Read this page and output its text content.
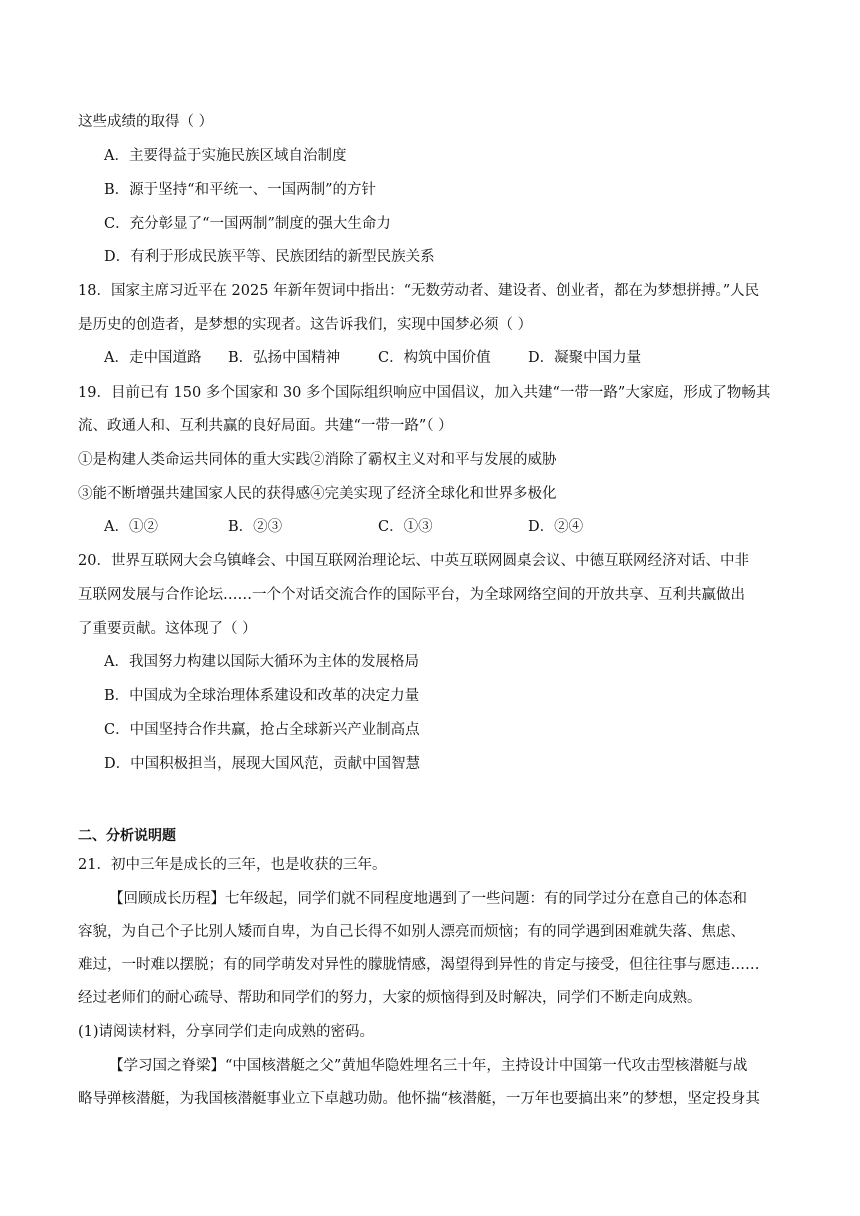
这些成绩的取得（ ）
A．主要得益于实施民族区域自治制度
B．源于坚持“和平统一、一国两制”的方针
C．充分彰显了“一国两制”制度的强大生命力
D．有利于形成民族平等、民族团结的新型民族关系
18．国家主席习近平在 2025 年新年贺词中指出：“无数劳动者、建设者、创业者，都在为梦想拼搏。”人民
是历史的创造者，是梦想的实现者。这告诉我们，实现中国梦必须（ ）
A．走中国道路 B．弘扬中国精神	C．构筑中国价值	D．凝聚中国力量
19．目前已有 150 多个国家和 30 多个国际组织响应中国倡议，加入共建“一带一路”大家庭，形成了物畅其
流、政通人和、互利共赢的良好局面。共建“一带一路”（ ）
①是构建人类命运共同体的重大实践②消除了霸权主义对和平与发展的威胁
③能不断增强共建国家人民的获得感④完美实现了经济全球化和世界多极化
A．①②	B．②③	C．①③	D．②④
20．世界互联网大会乌镇峰会、中国互联网治理论坛、中英互联网圆桌会议、中德互联网经济对话、中非
互联网发展与合作论坛……一个个对话交流合作的国际平台，为全球网络空间的开放共享、互利共赢做出
了重要贡献。这体现了（ ）
A．我国努力构建以国际大循环为主体的发展格局
B．中国成为全球治理体系建设和改革的决定力量
C．中国坚持合作共赢，抢占全球新兴产业制高点
D．中国积极担当，展现大国风范，贡献中国智慧
二、分析说明题
21．初中三年是成长的三年，也是收获的三年。
【回顾成长历程】七年级起，同学们就不同程度地遇到了一些问题：有的同学过分在意自己的体态和
容貌，为自己个子比别人矮而自卑，为自己长得不如别人漂亮而烦恼；有的同学遇到困难就失落、焦虑、
难过，一时难以摆脱；有的同学萌发对异性的朦胧情感，渴望得到异性的肯定与接受，但往往事与愿违……
经过老师们的耐心疏导、帮助和同学们的努力，大家的烦恼得到及时解决，同学们不断走向成熟。
(1)请阅读材料，分享同学们走向成熟的密码。
【学习国之脊梁】“中国核潜艇之父”黄旭华隐姓埋名三十年，主持设计中国第一代攻击型核潜艇与战
略导弹核潜艇，为我国核潜艇事业立下卓越功勋。他怀揣“核潜艇，一万年也要搞出来”的梦想，坚定投身其
